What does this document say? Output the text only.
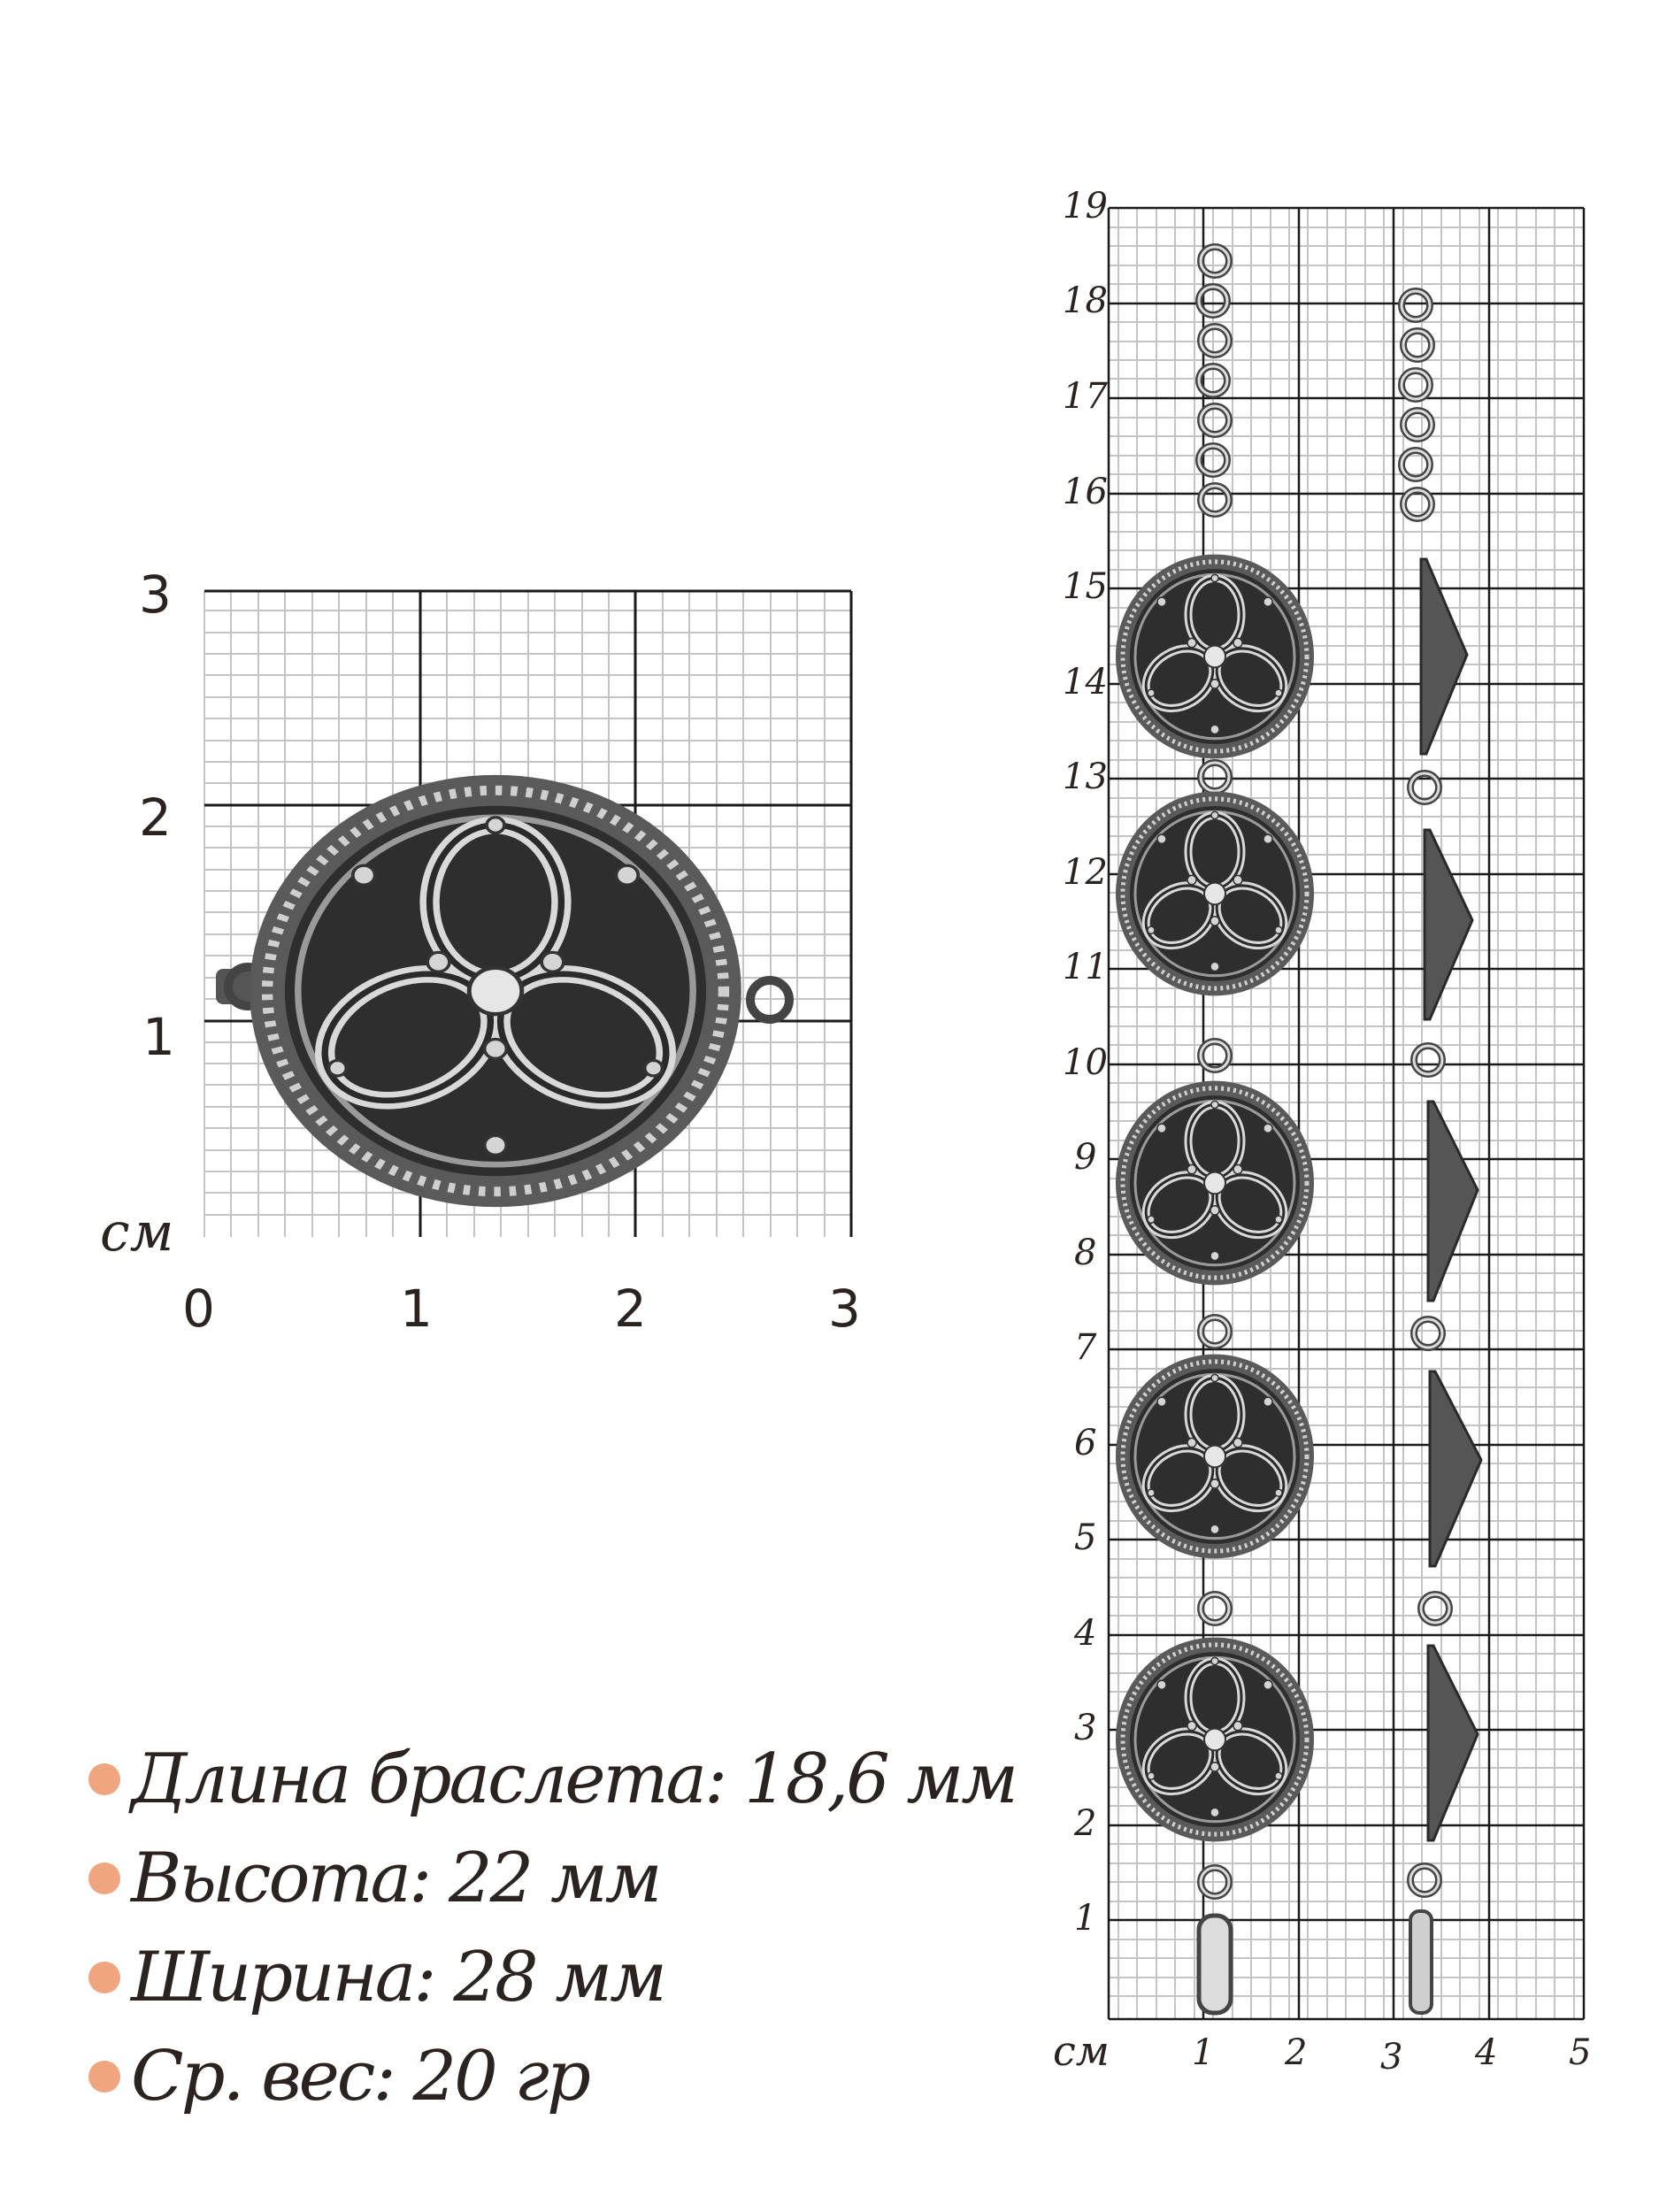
3
2
1
см
0	1	2	3
19
18
17
16
15
14
13
12
11
10
9
8
7
6
5
4
3
2
1
см 1 2 3 4 5
Длина браслета: 18,6 мм
Высота: 22 мм
Ширина: 28 мм
Ср. вес: 20 гр
